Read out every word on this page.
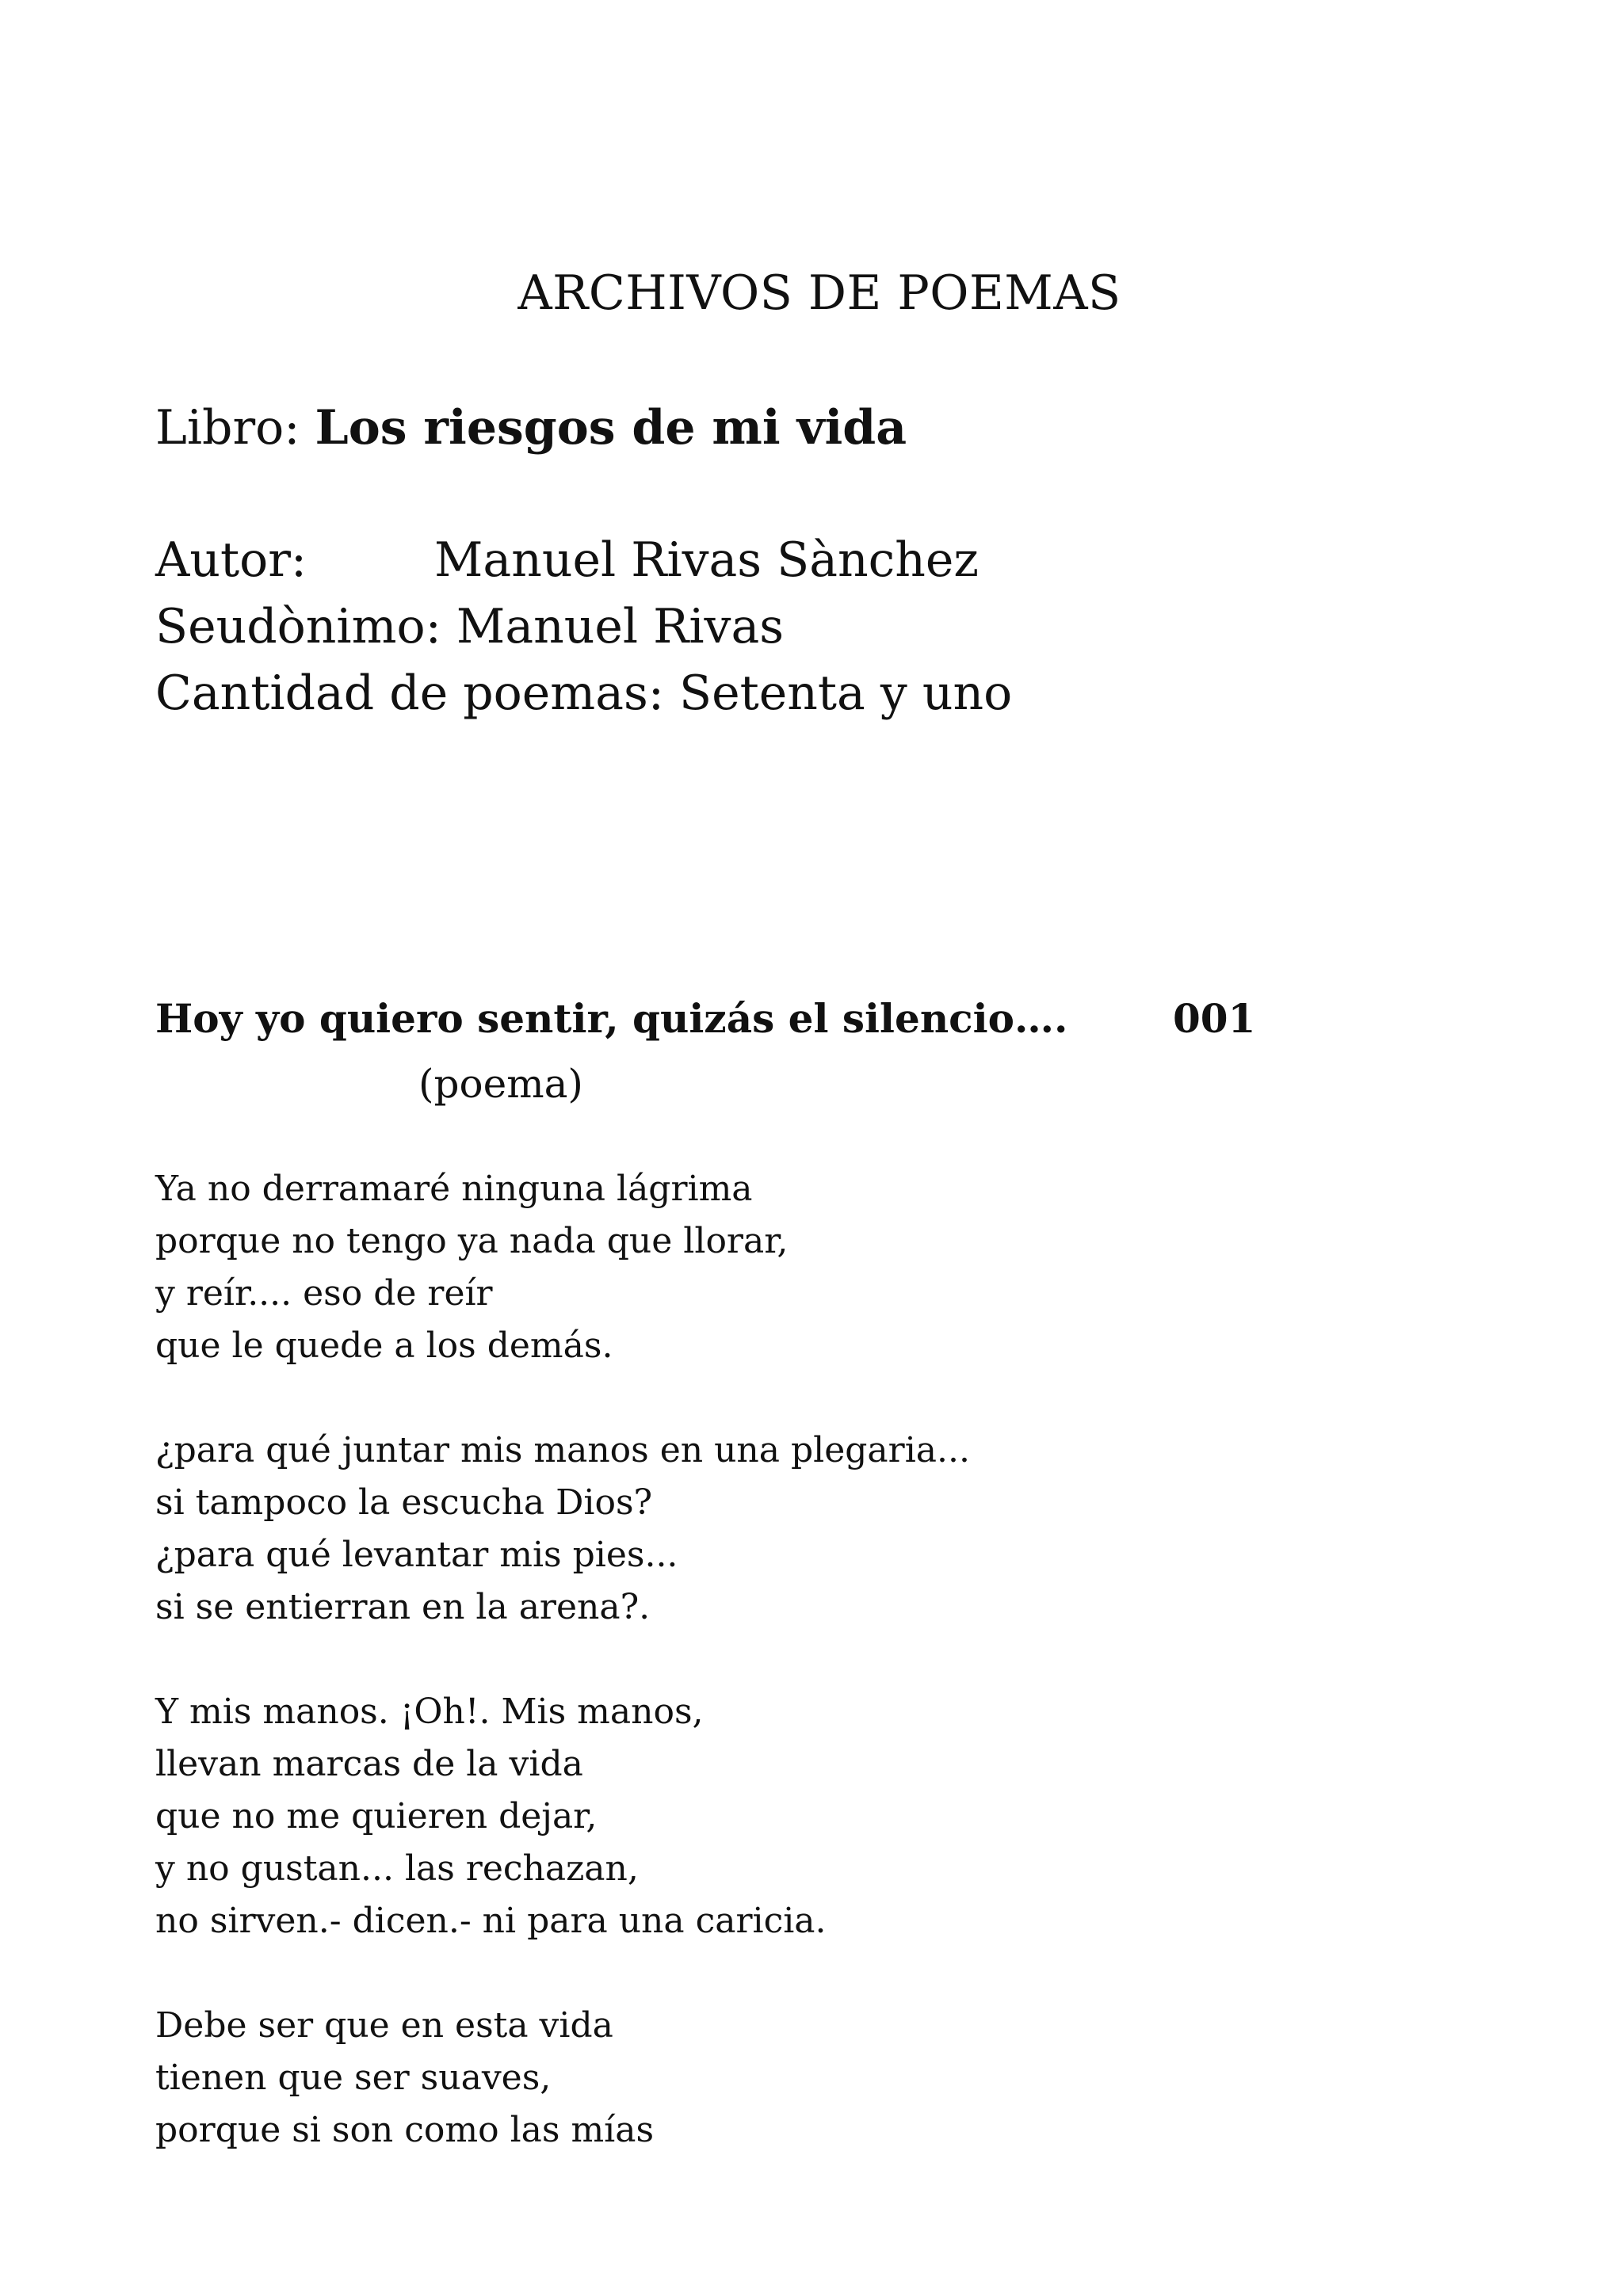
ARCHIVOS DE POEMAS
Libro: Los riesgos de mi vida
Autor:	Manuel Rivas Sànchez
Seudònimo: Manuel Rivas
Cantidad de poemas: Setenta y uno
Hoy yo quiero sentir, quizás el silencio….	001
(poema)
Ya no derramaré ninguna lágrima
porque no tengo ya nada que llorar,
y reír.... eso de reír
que le quede a los demás.
¿para qué juntar mis manos en una plegaria...
si tampoco la escucha Dios?
¿para qué levantar mis pies...
si se entierran en la arena?.
Y mis manos. ¡Oh!. Mis manos,
llevan marcas de la vida
que no me quieren dejar,
y no gustan... las rechazan,
no sirven.- dicen.- ni para una caricia.
Debe ser que en esta vida
tienen que ser suaves,
porque si son como las mías
